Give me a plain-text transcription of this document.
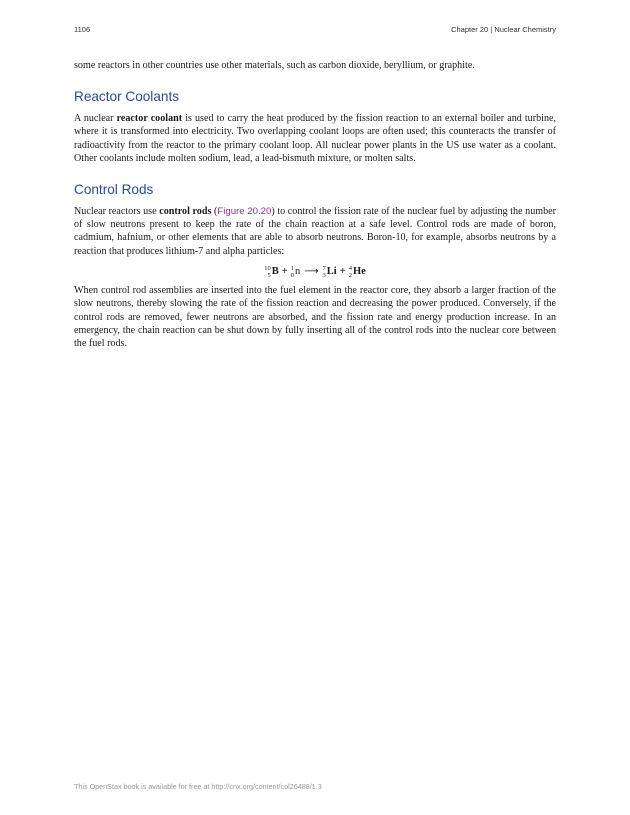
1106	Chapter 20 | Nuclear Chemistry

some reactors in other countries use other materials, such as carbon dioxide, beryllium, or graphite.

Reactor Coolants

A nuclear reactor coolant is used to carry the heat produced by the fission reaction to an external boiler and turbine, where it is transformed into electricity. Two overlapping coolant loops are often used; this counteracts the transfer of radioactivity from the reactor to the primary coolant loop. All nuclear power plants in the US use water as a coolant. Other coolants include molten sodium, lead, a lead-bismuth mixture, or molten salts.

Control Rods

Nuclear reactors use control rods (Figure 20.20) to control the fission rate of the nuclear fuel by adjusting the number of slow neutrons present to keep the rate of the chain reaction at a safe level. Control rods are made of boron, cadmium, hafnium, or other elements that are able to absorb neutrons. Boron-10, for example, absorbs neutrons by a reaction that produces lithium-7 and alpha particles:

10
5 B + 1
0 n ⟶ 7
3 Li + 4
2 He

When control rod assemblies are inserted into the fuel element in the reactor core, they absorb a larger fraction of the slow neutrons, thereby slowing the rate of the fission reaction and decreasing the power produced. Conversely, if the control rods are removed, fewer neutrons are absorbed, and the fission rate and energy production increase. In an emergency, the chain reaction can be shut down by fully inserting all of the control rods into the nuclear core between the fuel rods.

This OpenStax book is available for free at http://cnx.org/content/col26488/1.3
